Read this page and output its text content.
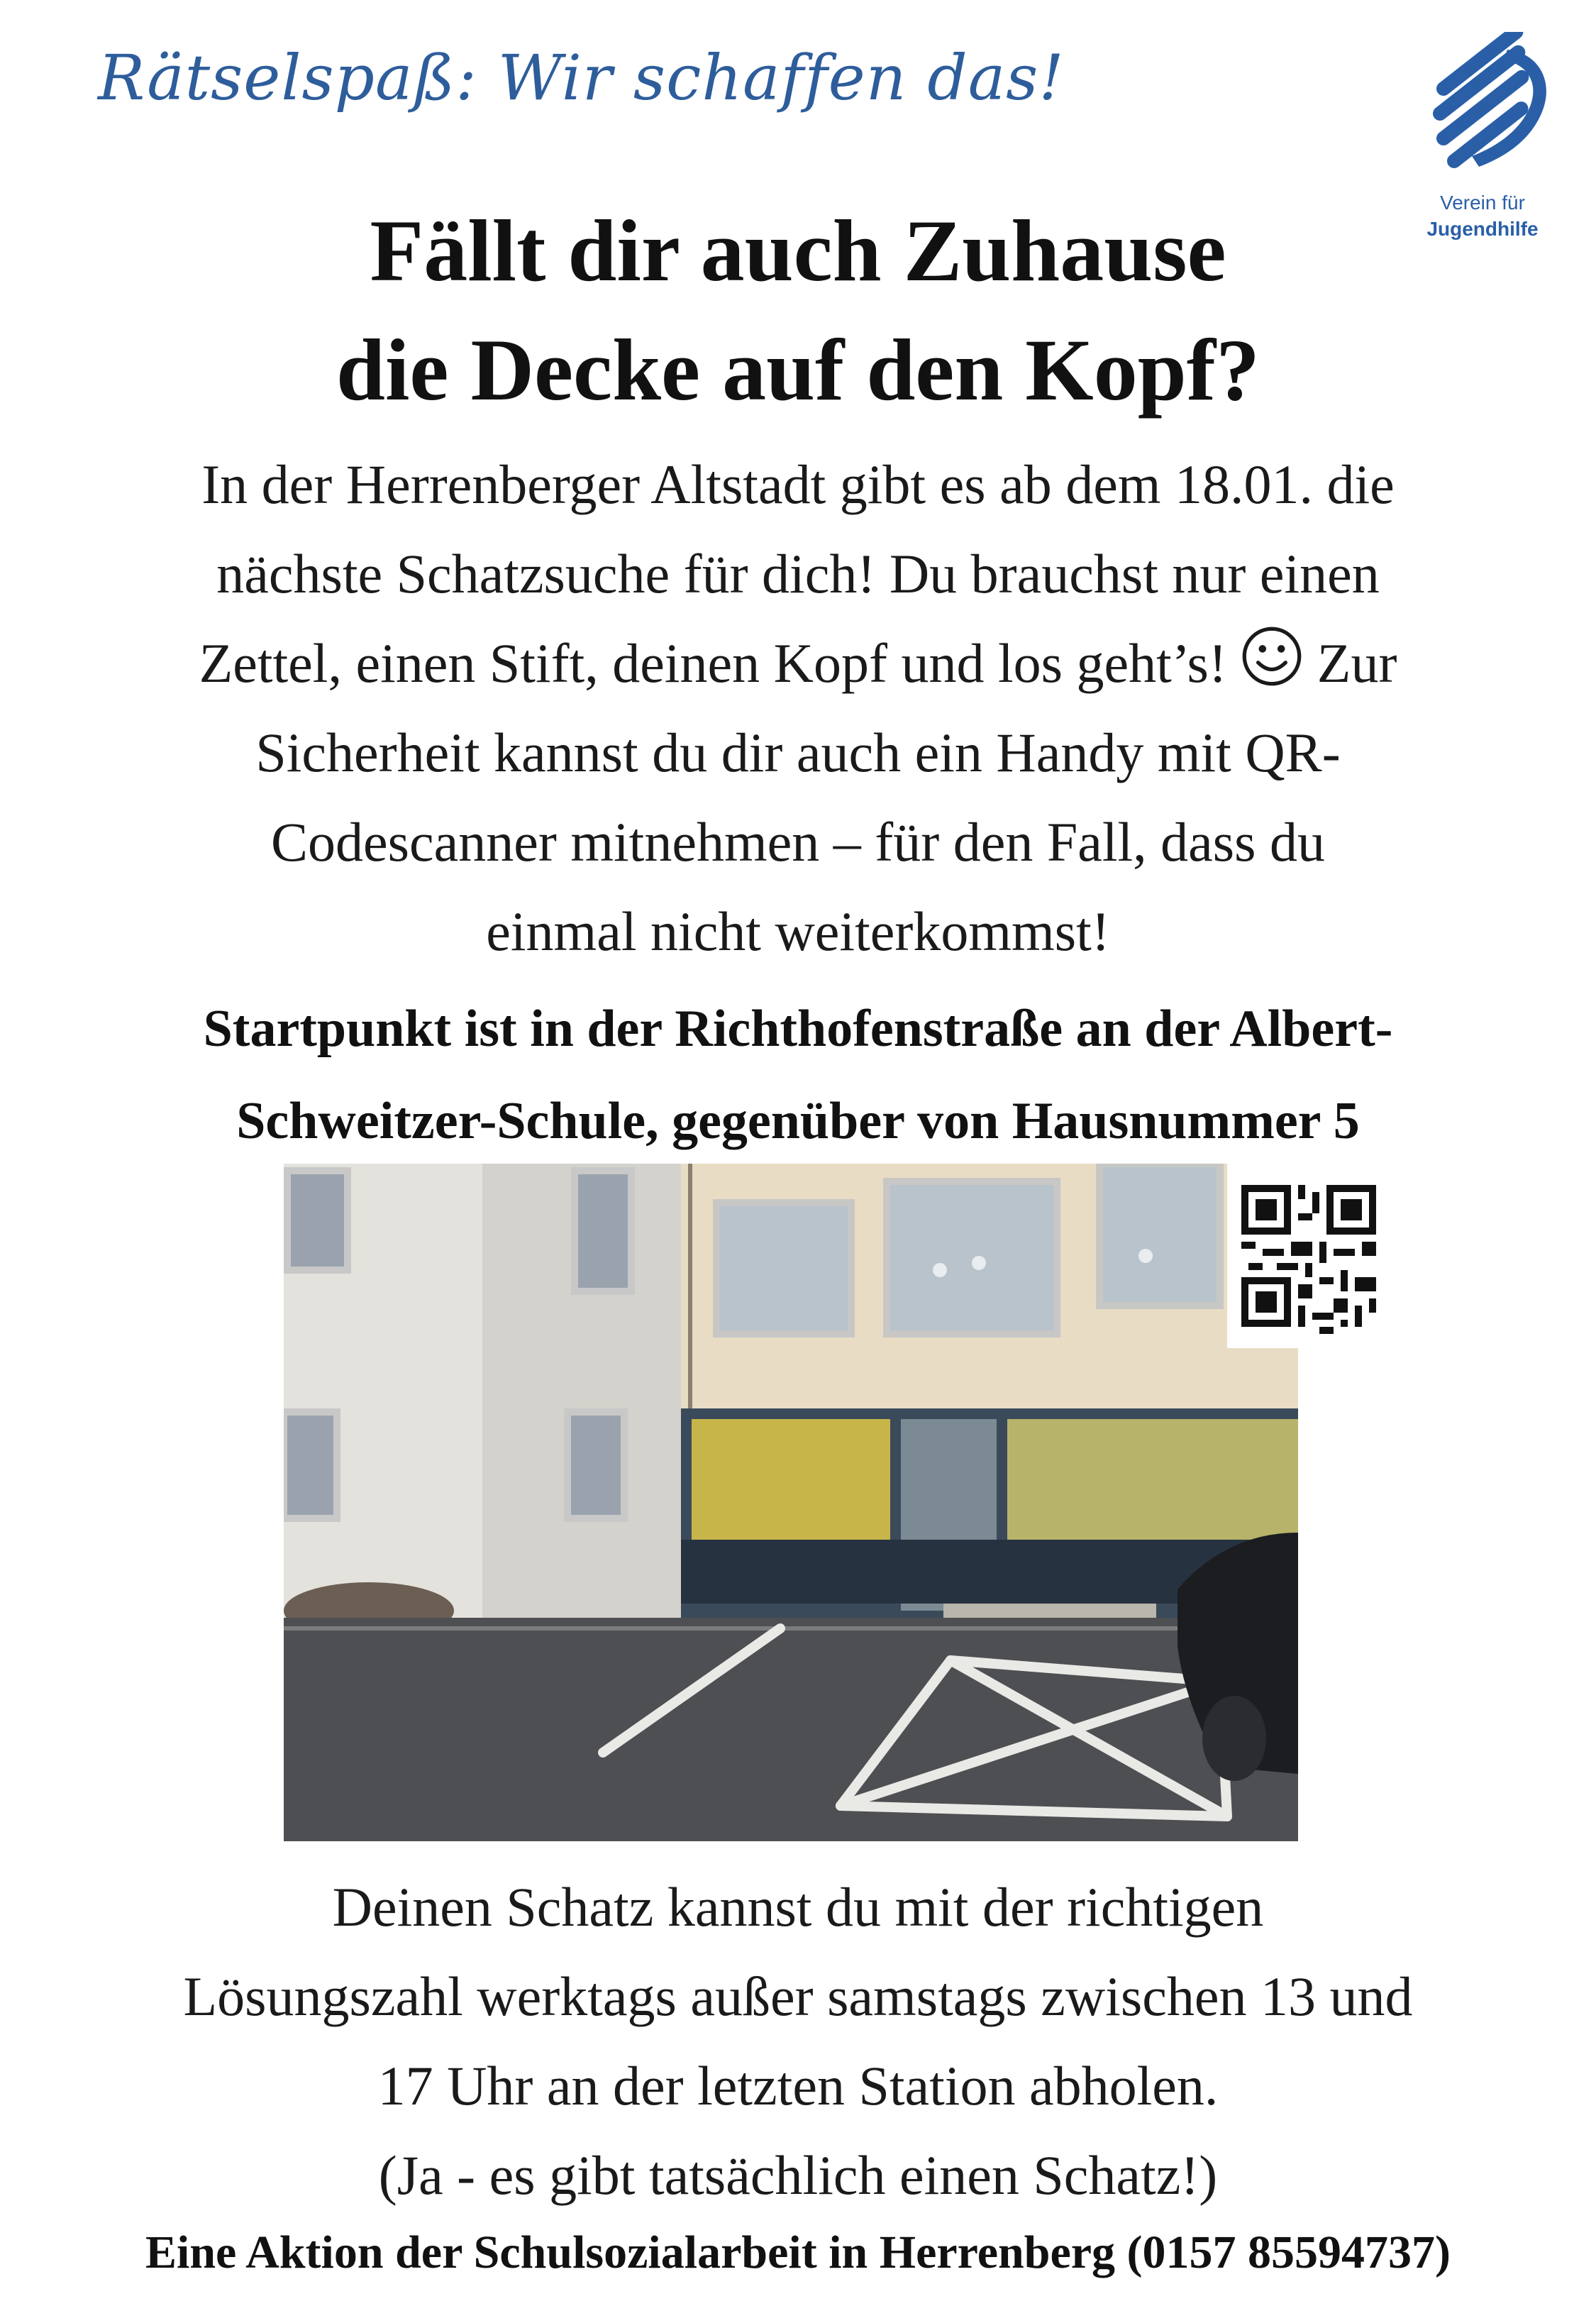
Rätselspaß: Wir schaffen das!
Verein für
Jugendhilfe
Fällt dir auch Zuhause
die Decke auf den Kopf?
In der Herrenberger Altstadt gibt es ab dem 18.01. die
nächste Schatzsuche für dich! Du brauchst nur einen
Zettel, einen Stift, deinen Kopf und los geht’s! Zur
Sicherheit kannst du dir auch ein Handy mit QR-
Codescanner mitnehmen – für den Fall, dass du
einmal nicht weiterkommst!
Startpunkt ist in der Richthofenstraße an der Albert-
Schweitzer-Schule, gegenüber von Hausnummer 5
Deinen Schatz kannst du mit der richtigen
Lösungszahl werktags außer samstags zwischen 13 und
17 Uhr an der letzten Station abholen.
(Ja - es gibt tatsächlich einen Schatz!)
Eine Aktion der Schulsozialarbeit in Herrenberg (0157 85594737)
